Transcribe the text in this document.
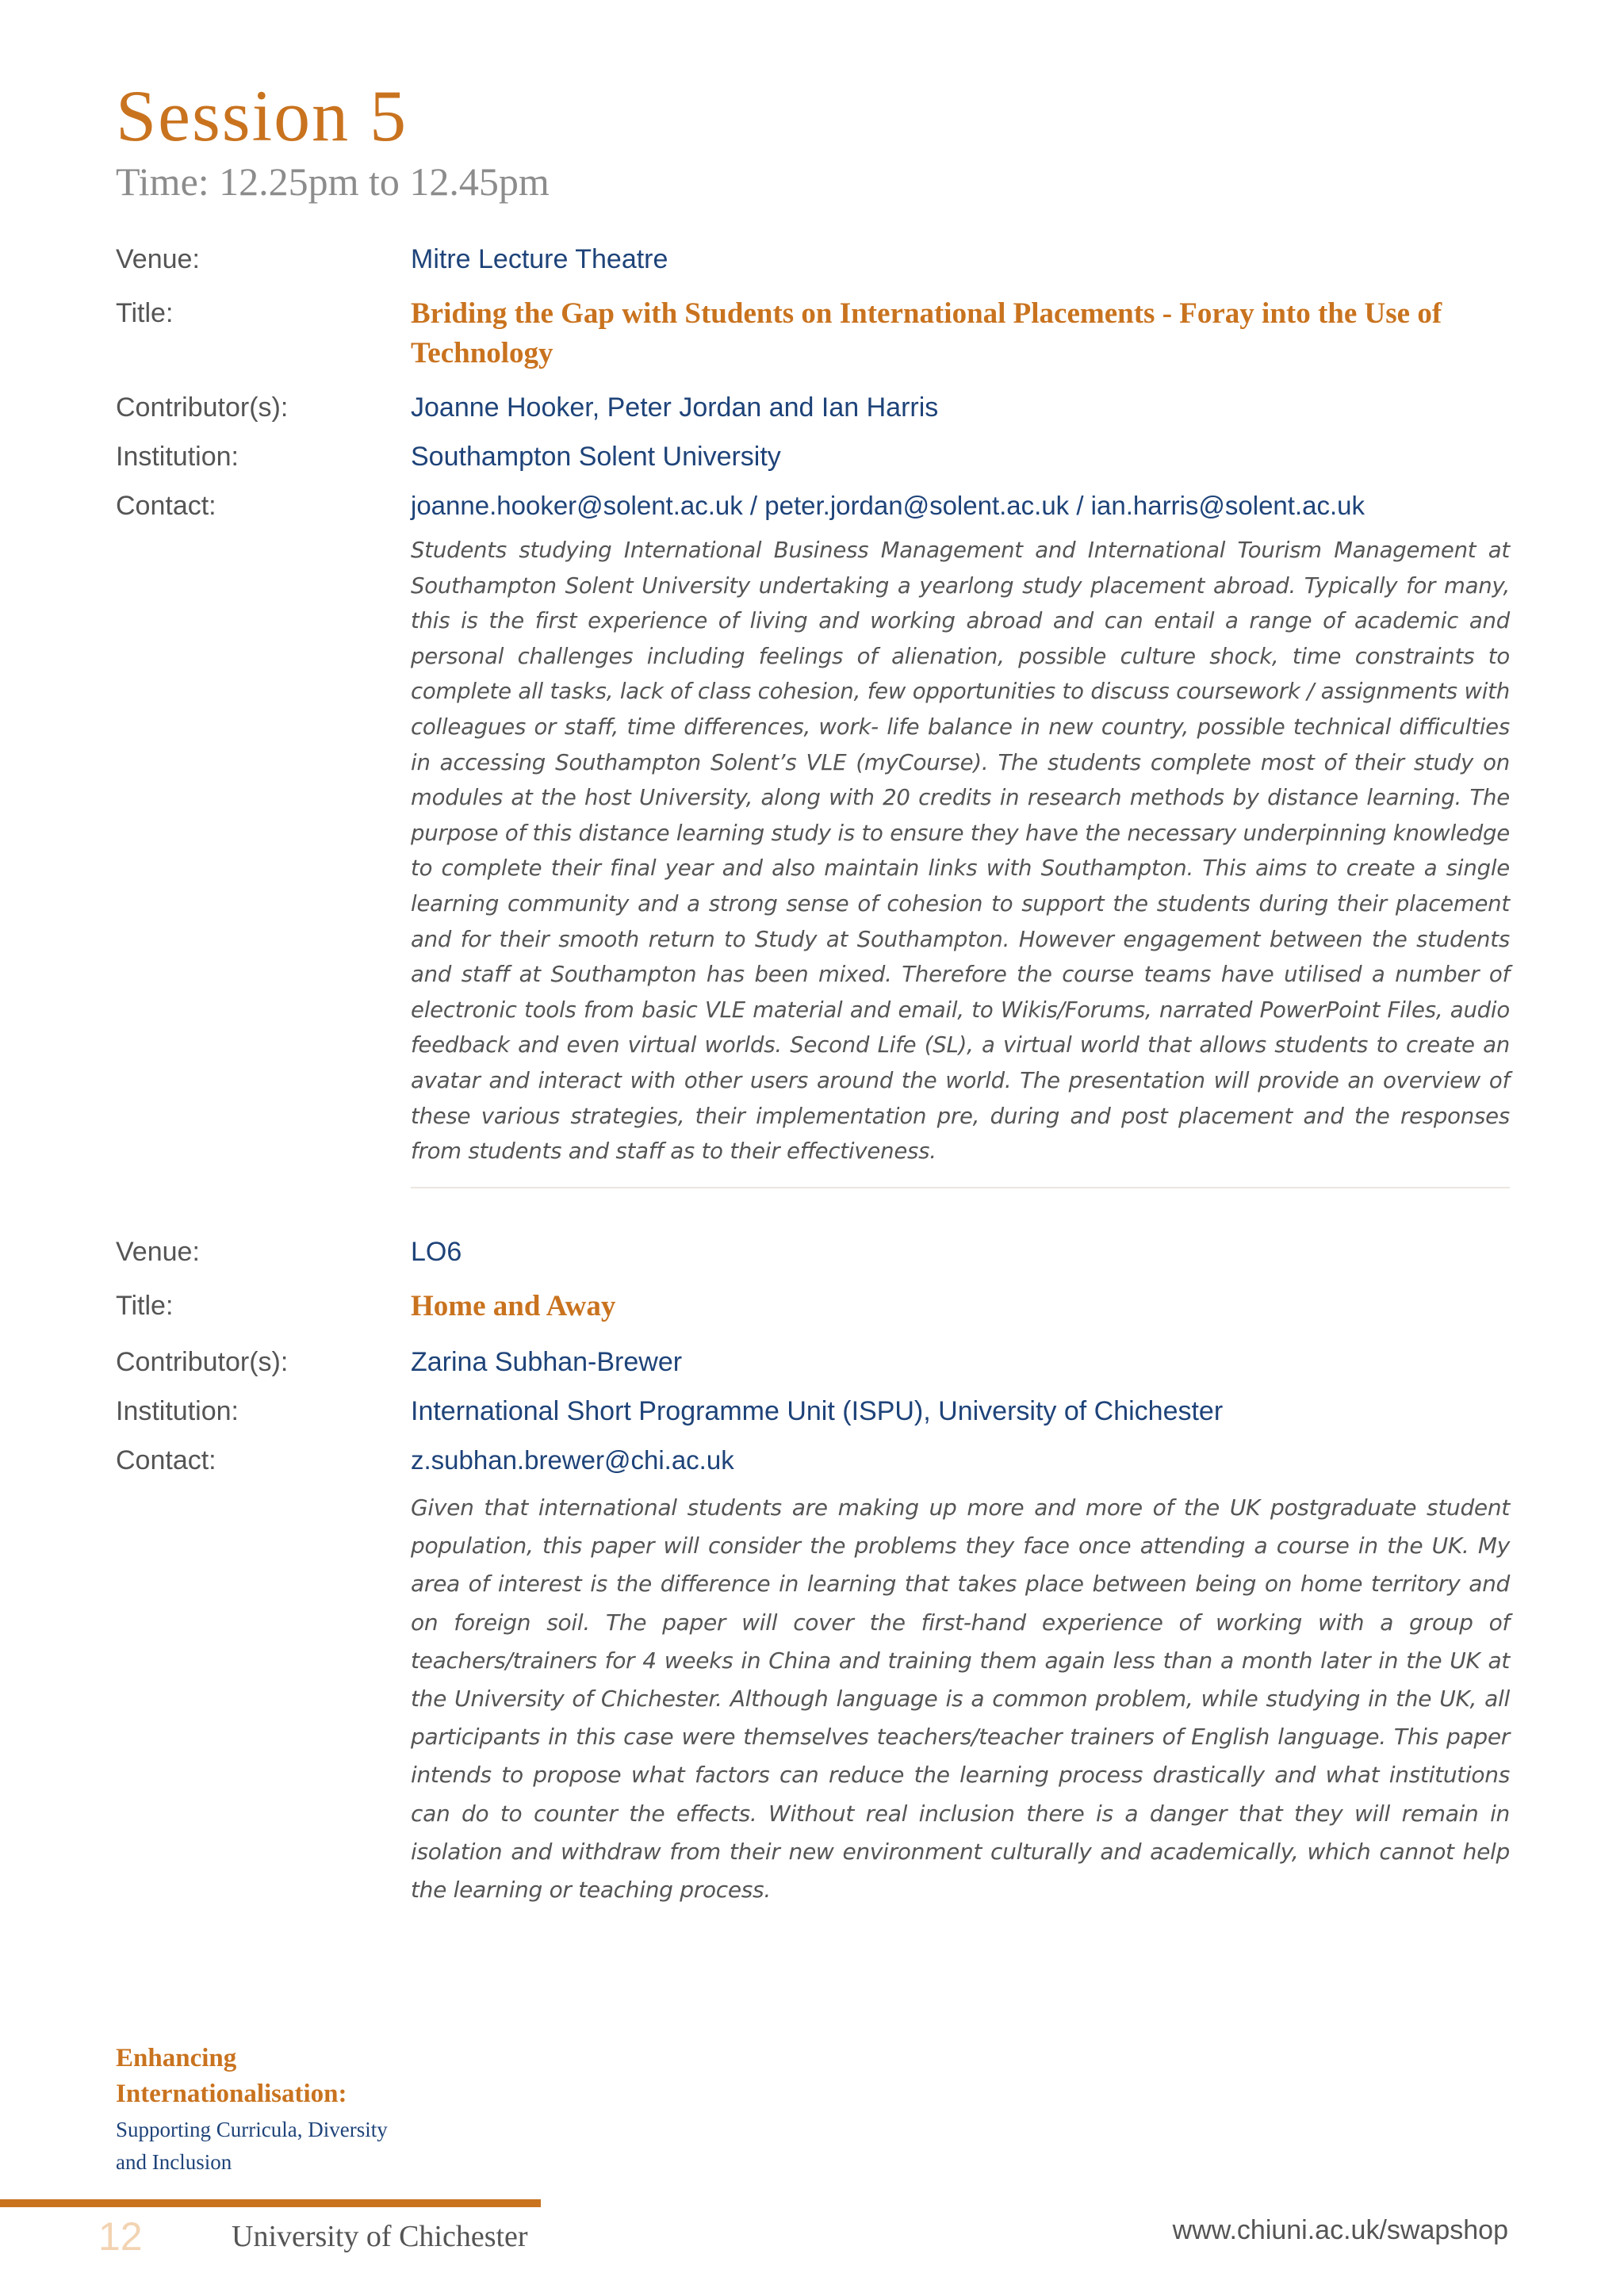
Session 5
Time: 12.25pm to 12.45pm
Venue:	Mitre Lecture Theatre
Title:	Briding the Gap with Students on International Placements - Foray into the Use of Technology
Contributor(s):	Joanne Hooker, Peter Jordan and Ian Harris
Institution:	Southampton Solent University
Contact:	joanne.hooker@solent.ac.uk / peter.jordan@solent.ac.uk / ian.harris@solent.ac.uk

Students studying International Business Management and International Tourism Management at Southampton Solent University undertaking a yearlong study placement abroad. Typically for many, this is the first experience of living and working abroad and can entail a range of academic and personal challenges including feelings of alienation, possible culture shock, time constraints to complete all tasks, lack of class cohesion, few opportunities to discuss coursework / assignments with colleagues or staff, time differences, work- life balance in new country, possible technical difficulties in accessing Southampton Solent’s VLE (myCourse). The students complete most of their study on modules at the host University, along with 20 credits in research methods by distance learning. The purpose of this distance learning study is to ensure they have the necessary underpinning knowledge to complete their final year and also maintain links with Southampton. This aims to create a single learning community and a strong sense of cohesion to support the students during their placement and for their smooth return to Study at Southampton. However engagement between the students and staff at Southampton has been mixed. Therefore the course teams have utilised a number of electronic tools from basic VLE material and email, to Wikis/Forums, narrated PowerPoint Files, audio feedback and even virtual worlds. Second Life (SL), a virtual world that allows students to create an avatar and interact with other users around the world. The presentation will provide an overview of these various strategies, their implementation pre, during and post placement and the responses from students and staff as to their effectiveness.

Venue:	LO6
Title:	Home and Away
Contributor(s):	Zarina Subhan-Brewer
Institution:	International Short Programme Unit (ISPU), University of Chichester
Contact:	z.subhan.brewer@chi.ac.uk

Given that international students are making up more and more of the UK postgraduate student population, this paper will consider the problems they face once attending a course in the UK. My area of interest is the difference in learning that takes place between being on home territory and on foreign soil. The paper will cover the first-hand experience of working with a group of teachers/trainers for 4 weeks in China and training them again less than a month later in the UK at the University of Chichester. Although language is a common problem, while studying in the UK, all participants in this case were themselves teachers/teacher trainers of English language. This paper intends to propose what factors can reduce the learning process drastically and what institutions can do to counter the effects. Without real inclusion there is a danger that they will remain in isolation and withdraw from their new environment culturally and academically, which cannot help the learning or teaching process.

Enhancing
Internationalisation:
Supporting Curricula, Diversity
and Inclusion
12	University of Chichester	www.chiuni.ac.uk/swapshop
